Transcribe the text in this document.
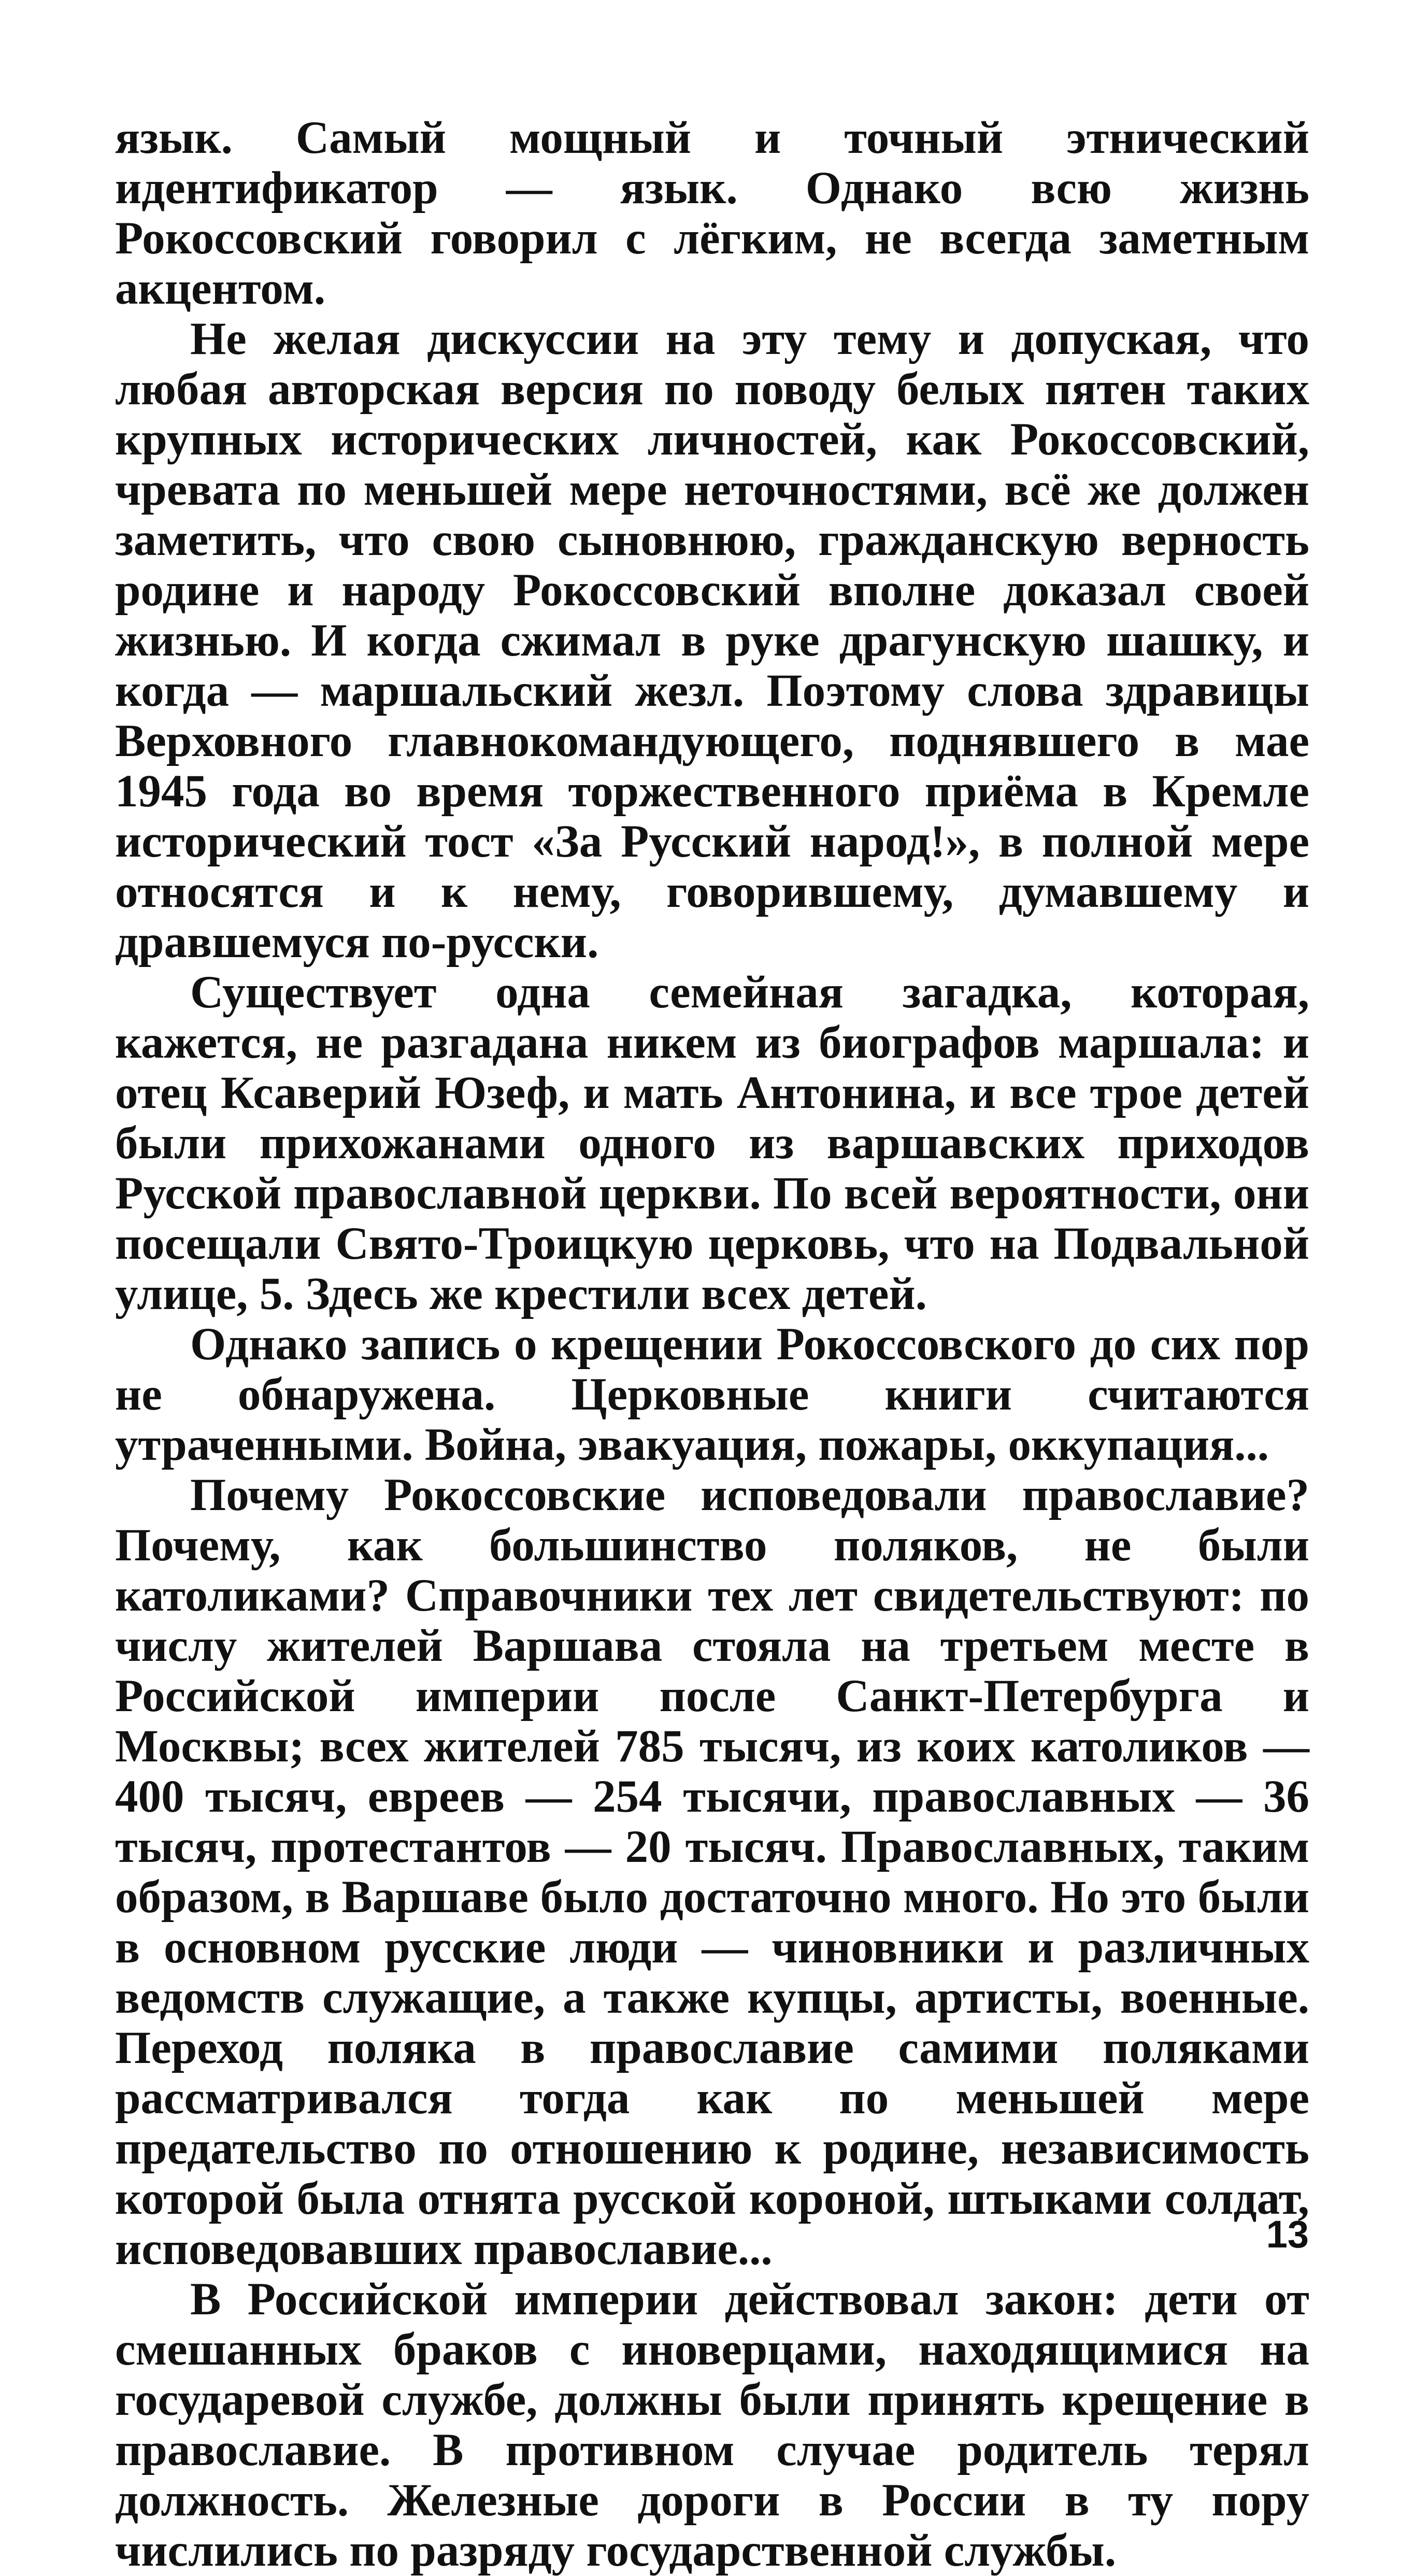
язык. Самый мощный и точный этнический идентификатор — язык. Однако всю жизнь Рокоссовский говорил с лёгким, не всегда заметным акцентом.

Не желая дискуссии на эту тему и допуская, что любая авторская версия по поводу белых пятен таких крупных исторических личностей, как Рокоссовский, чревата по меньшей мере неточностями, всё же должен заметить, что свою сыновнюю, гражданскую верность родине и народу Рокоссовский вполне доказал своей жизнью. И когда сжимал в руке драгунскую шашку, и когда — маршальский жезл. Поэтому слова здравицы Верховного главнокомандующего, поднявшего в мае 1945 года во время торжественного приёма в Кремле исторический тост «За Русский народ!», в полной мере относятся и к нему, говорившему, думавшему и дравшемуся по-русски.

Существует одна семейная загадка, которая, кажется, не разгадана никем из биографов маршала: и отец Ксаверий Юзеф, и мать Антонина, и все трое детей были прихожанами одного из варшавских приходов Русской православной церкви. По всей вероятности, они посещали Свято-Троицкую церковь, что на Подвальной улице, 5. Здесь же крестили всех детей.

Однако запись о крещении Рокоссовского до сих пор не обнаружена. Церковные книги считаются утраченными. Война, эвакуация, пожары, оккупация...

Почему Рокоссовские исповедовали православие? Почему, как большинство поляков, не были католиками? Справочники тех лет свидетельствуют: по числу жителей Варшава стояла на третьем месте в Российской империи после Санкт-Петербурга и Москвы; всех жителей 785 тысяч, из коих католиков — 400 тысяч, евреев — 254 тысячи, православных — 36 тысяч, протестантов — 20 тысяч. Православных, таким образом, в Варшаве было достаточно много. Но это были в основном русские люди — чиновники и различных ведомств служащие, а также купцы, артисты, военные. Переход поляка в православие самими поляками рассматривался тогда как по меньшей мере предательство по отношению к родине, независимость которой была отнята русской короной, штыками солдат, исповедовавших православие...

В Российской империи действовал закон: дети от смешанных браков с иноверцами, находящимися на государевой службе, должны были принять крещение в православие. В противном случае родитель терял должность. Железные дороги в России в ту пору числились по разряду государственной службы.

13
